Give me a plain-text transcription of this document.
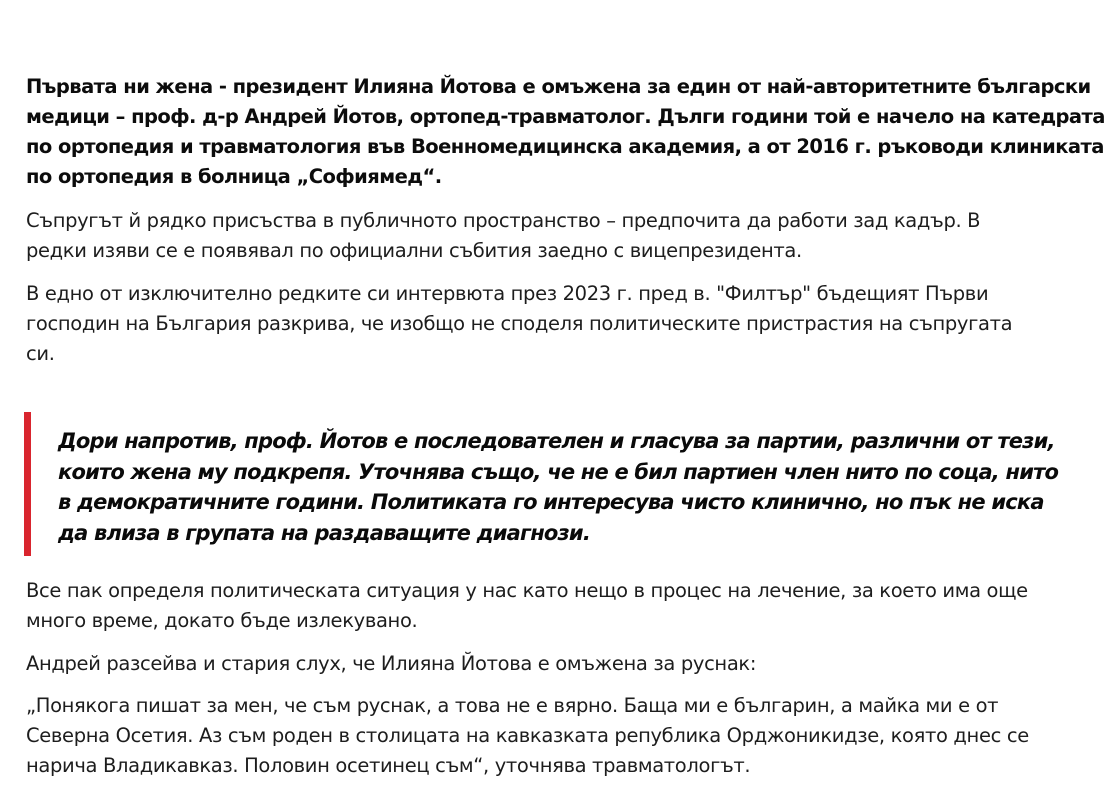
Първата ни жена - президент Илияна Йотова е омъжена за един от най-авторитетните български
медици – проф. д-р Андрей Йотов, ортопед-травматолог. Дълги години той е начело на катедрата
по ортопедия и травматология във Военномедицинска академия, а от 2016 г. ръководи клиниката
по ортопедия в болница „Софиямед“.

Съпругът й рядко присъства в публичното пространство – предпочита да работи зад кадър. В
редки изяви се е появявал по официални събития заедно с вицепрезидента.

В едно от изключително редките си интервюта през 2023 г. пред в. "Филтър" бъдещият Първи
господин на България разкрива, че изобщо не споделя политическите пристрастия на съпругата
си.

Дори напротив, проф. Йотов е последователен и гласува за партии, различни от тези,
които жена му подкрепя. Уточнява също, че не е бил партиен член нито по соца, нито
в демократичните години. Политиката го интересува чисто клинично, но пък не иска
да влиза в групата на раздаващите диагнози.

Все пак определя политическата ситуация у нас като нещо в процес на лечение, за което има още
много време, докато бъде излекувано.

Андрей разсейва и стария слух, че Илияна Йотова е омъжена за руснак:

„Понякога пишат за мен, че съм руснак, а това не е вярно. Баща ми е българин, а майка ми е от
Северна Осетия. Аз съм роден в столицата на кавказката република Орджоникидзе, която днес се
нарича Владикавказ. Половин осетинец съм“, уточнява травматологът.
